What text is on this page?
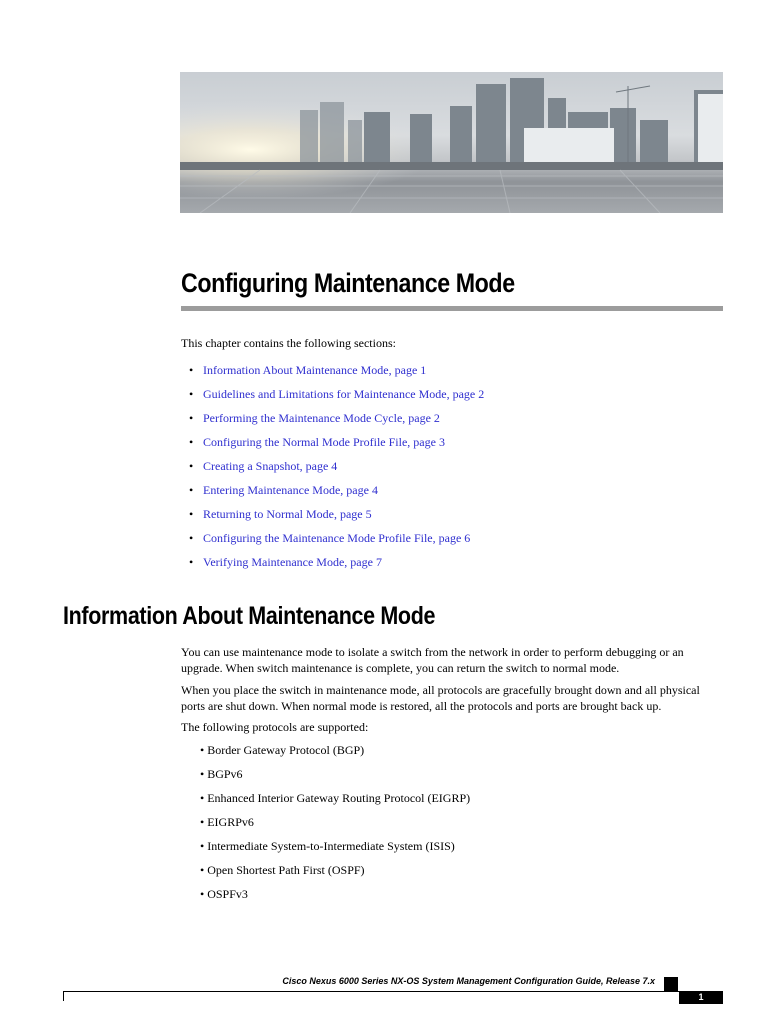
Configuring Maintenance Mode

This chapter contains the following sections:

• Information About Maintenance Mode, page 1
• Guidelines and Limitations for Maintenance Mode, page 2
• Performing the Maintenance Mode Cycle, page 2
• Configuring the Normal Mode Profile File, page 3
• Creating a Snapshot, page 4
• Entering Maintenance Mode, page 4
• Returning to Normal Mode, page 5
• Configuring the Maintenance Mode Profile File, page 6
• Verifying Maintenance Mode, page 7
Information About Maintenance Mode

You can use maintenance mode to isolate a switch from the network in order to perform debugging or an upgrade. When switch maintenance is complete, you can return the switch to normal mode.

When you place the switch in maintenance mode, all protocols are gracefully brought down and all physical ports are shut down. When normal mode is restored, all the protocols and ports are brought back up.

The following protocols are supported:

• Border Gateway Protocol (BGP)
• BGPv6
• Enhanced Interior Gateway Routing Protocol (EIGRP)
• EIGRPv6
• Intermediate System-to-Intermediate System (ISIS)
• Open Shortest Path First (OSPF)
• OSPFv3

Cisco Nexus 6000 Series NX-OS System Management Configuration Guide, Release 7.x

1
